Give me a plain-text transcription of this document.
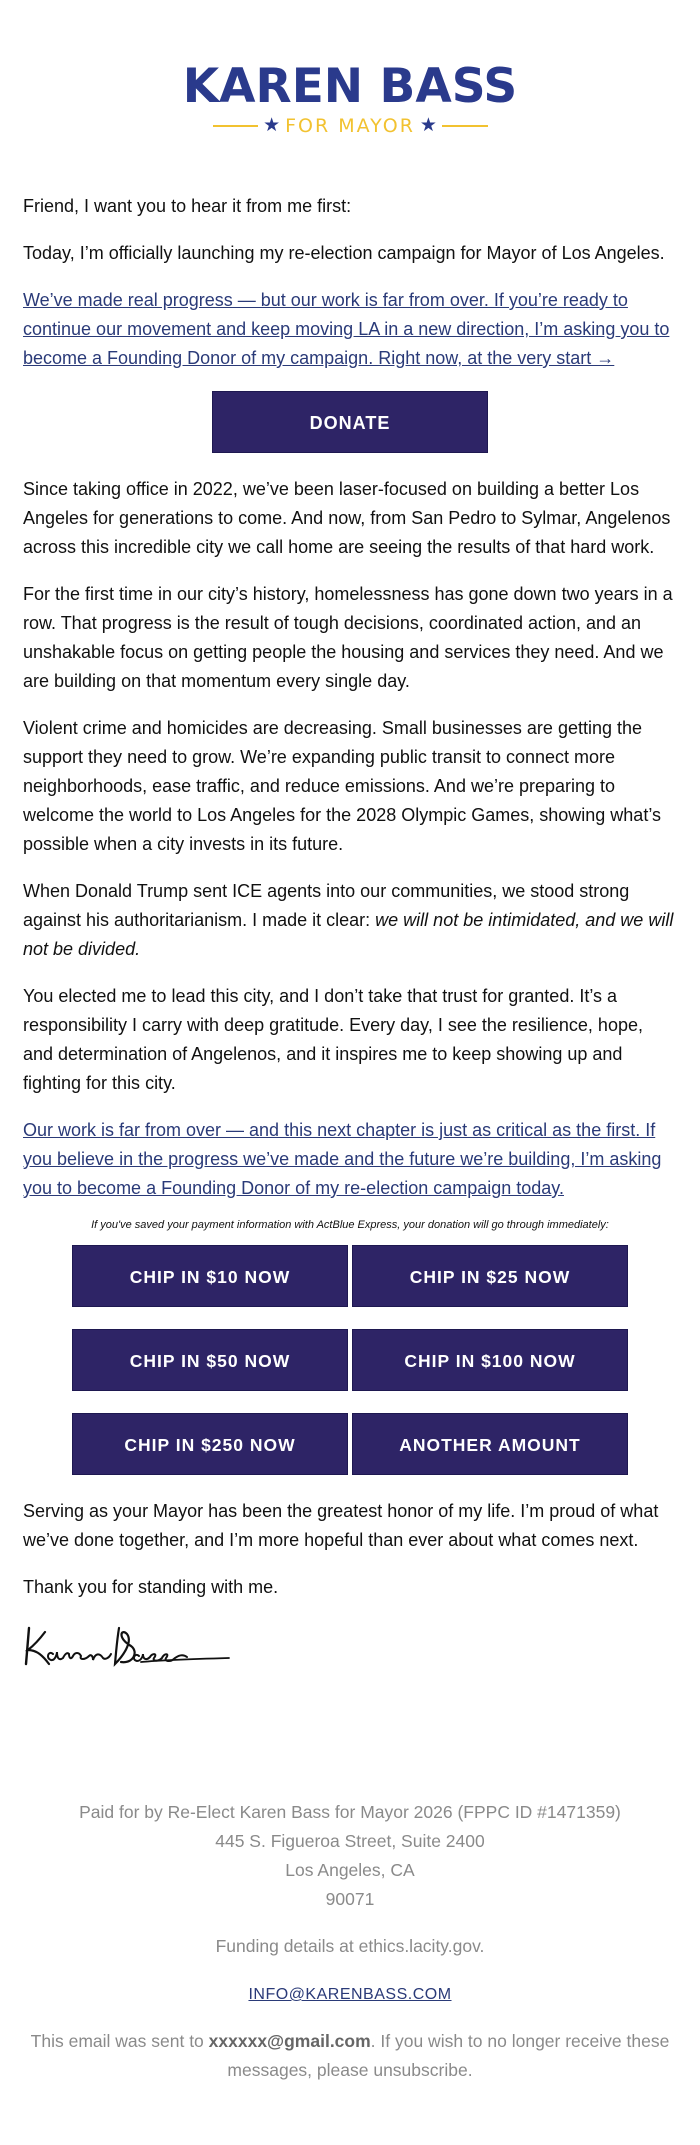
KAREN BASS
★ FOR MAYOR ★

Friend, I want you to hear it from me first:

Today, I’m officially launching my re-election campaign for Mayor of Los Angeles.

We’ve made real progress — but our work is far from over. If you’re ready to continue our movement and keep moving LA in a new direction, I’m asking you to become a Founding Donor of my campaign. Right now, at the very start →

DONATE

Since taking office in 2022, we’ve been laser-focused on building a better Los Angeles for generations to come. And now, from San Pedro to Sylmar, Angelenos across this incredible city we call home are seeing the results of that hard work.

For the first time in our city’s history, homelessness has gone down two years in a row. That progress is the result of tough decisions, coordinated action, and an unshakable focus on getting people the housing and services they need. And we are building on that momentum every single day.

Violent crime and homicides are decreasing. Small businesses are getting the support they need to grow. We’re expanding public transit to connect more neighborhoods, ease traffic, and reduce emissions. And we’re preparing to welcome the world to Los Angeles for the 2028 Olympic Games, showing what’s possible when a city invests in its future.

When Donald Trump sent ICE agents into our communities, we stood strong against his authoritarianism. I made it clear: we will not be intimidated, and we will not be divided.

You elected me to lead this city, and I don’t take that trust for granted. It’s a responsibility I carry with deep gratitude. Every day, I see the resilience, hope, and determination of Angelenos, and it inspires me to keep showing up and fighting for this city.

Our work is far from over — and this next chapter is just as critical as the first. If you believe in the progress we’ve made and the future we’re building, I’m asking you to become a Founding Donor of my re-election campaign today.

If you've saved your payment information with ActBlue Express, your donation will go through immediately:
CHIP IN $10 NOW	CHIP IN $25 NOW
CHIP IN $50 NOW	CHIP IN $100 NOW
CHIP IN $250 NOW	ANOTHER AMOUNT

Serving as your Mayor has been the greatest honor of my life. I’m proud of what we’ve done together, and I’m more hopeful than ever about what comes next.

Thank you for standing with me.

Paid for by Re-Elect Karen Bass for Mayor 2026 (FPPC ID #1471359)

445 S. Figueroa Street, Suite 2400

Los Angeles, CA

90071

Funding details at ethics.lacity.gov.

INFO@KARENBASS.COM

This email was sent to xxxxxx@gmail.com. If you wish to no longer receive these messages, please unsubscribe.
